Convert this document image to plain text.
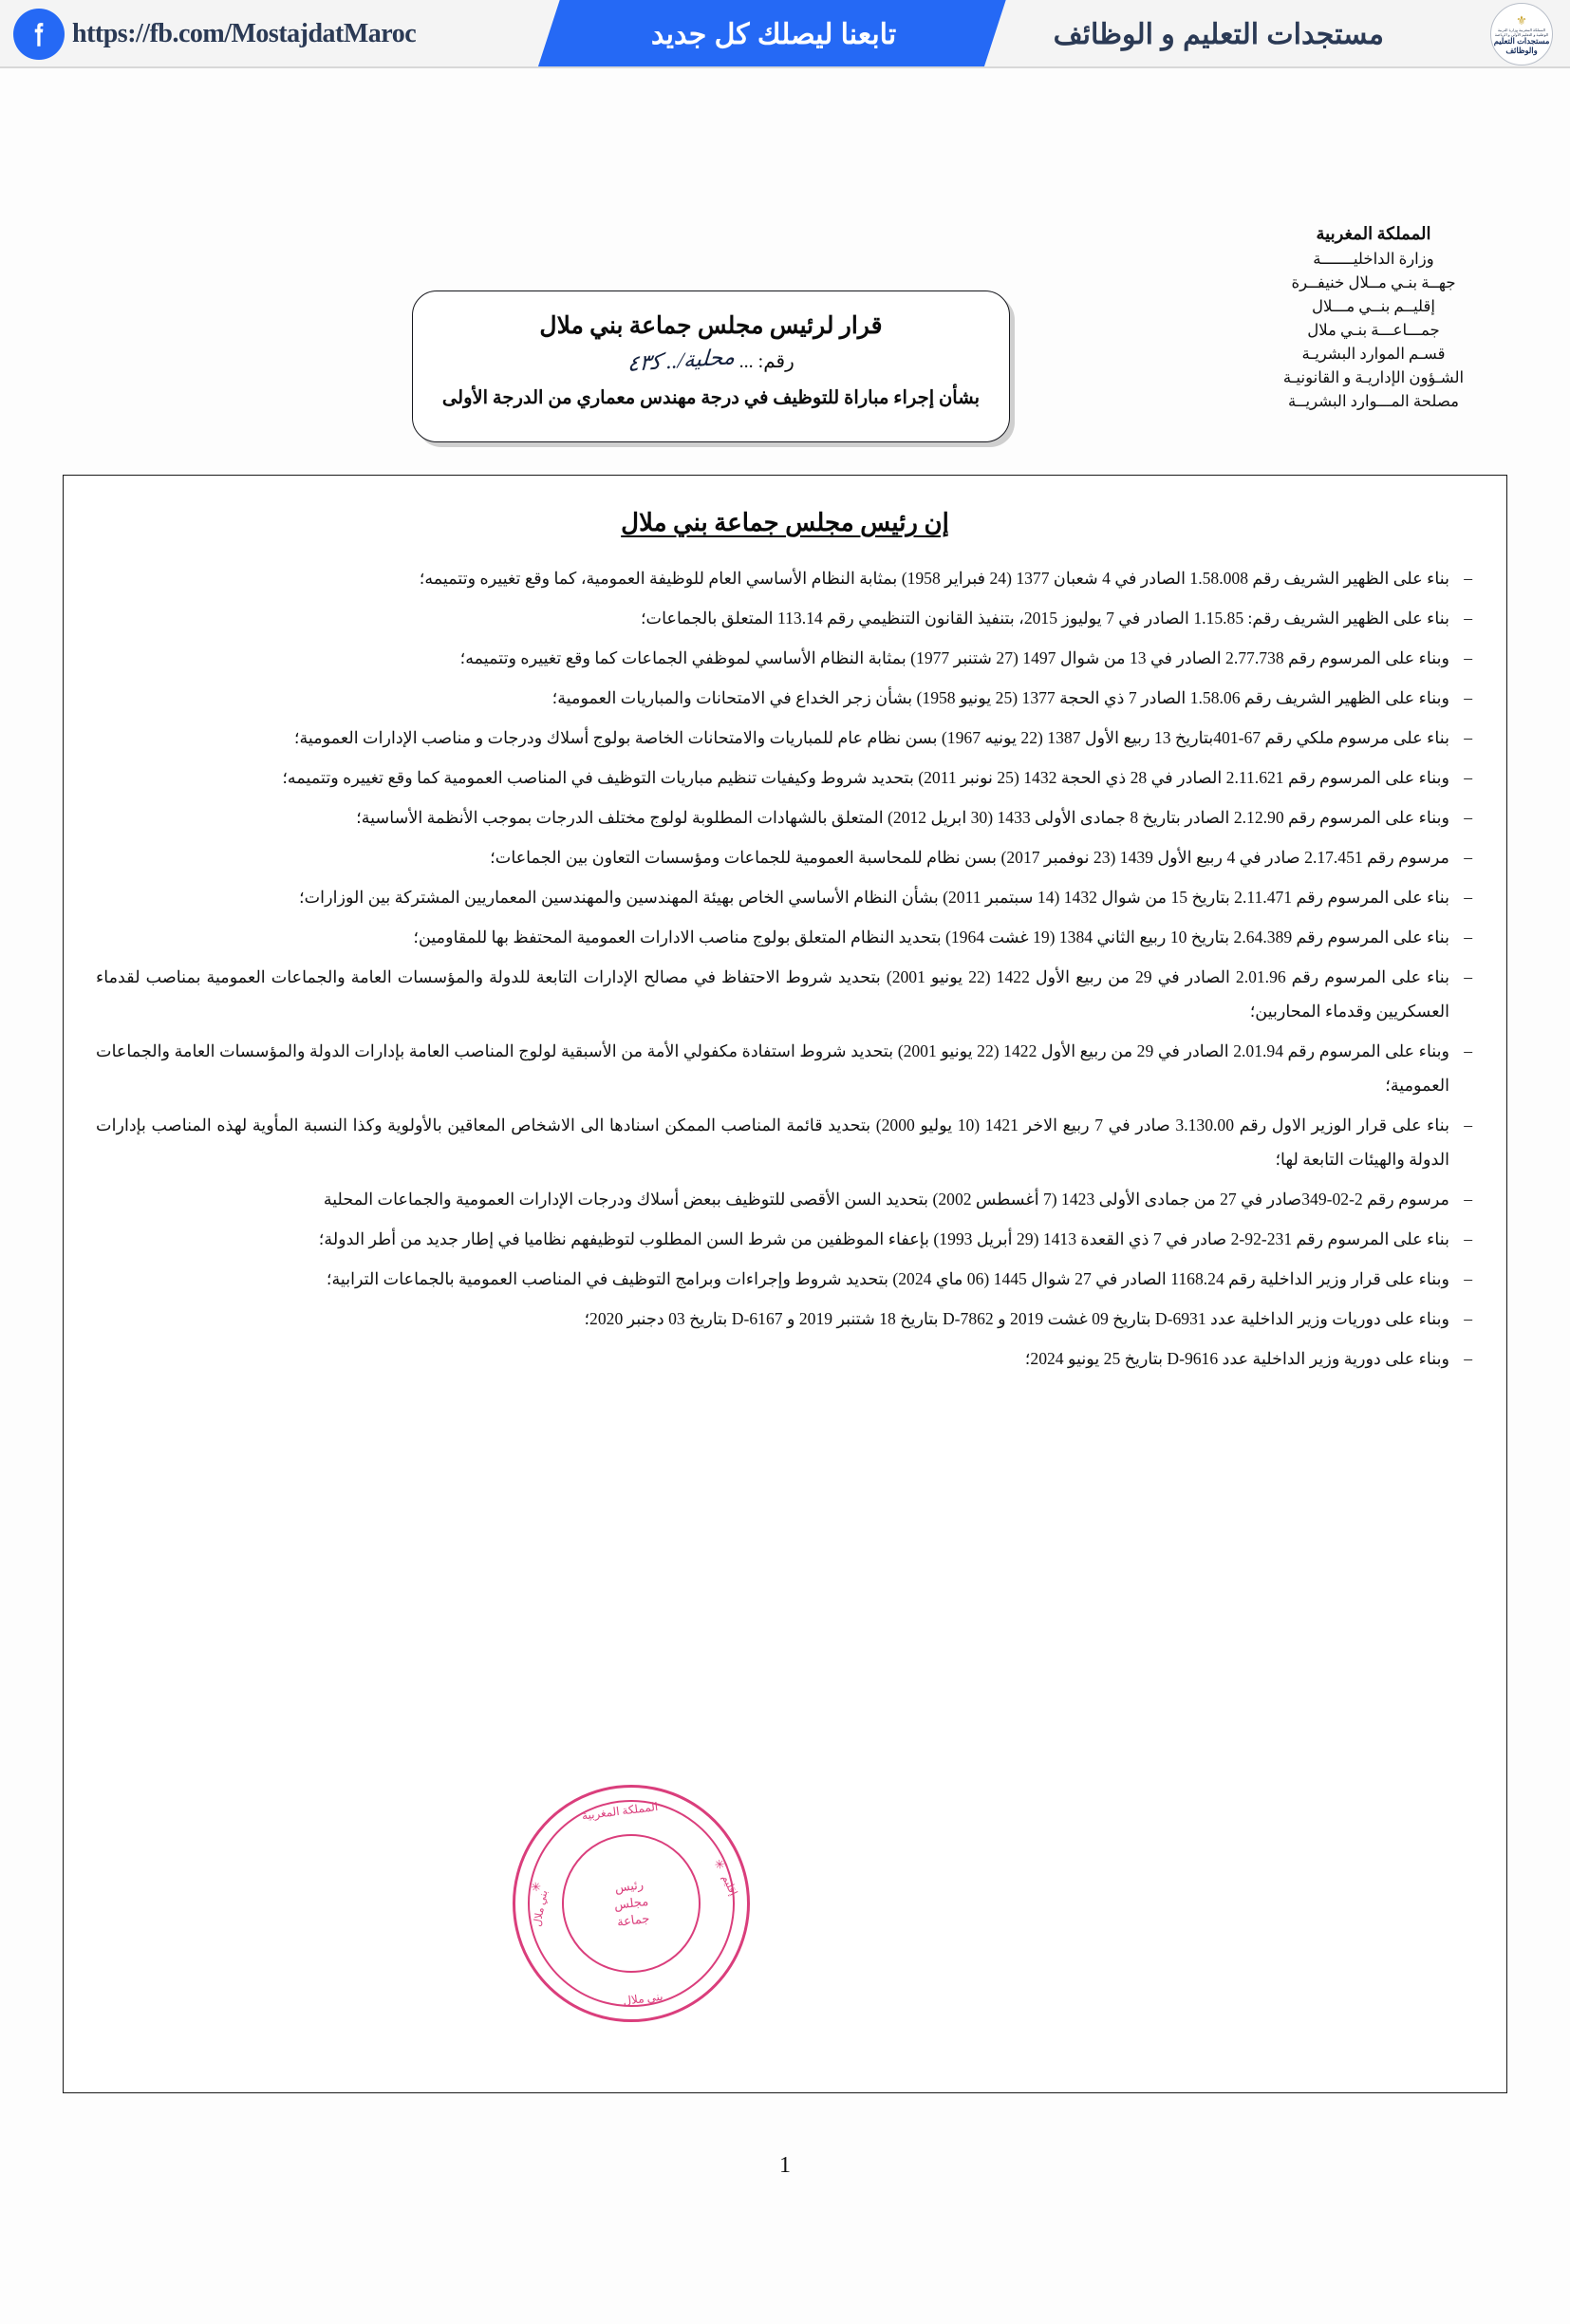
https://fb.com/MostajdatMaroc	تابعنا ليصلك كل جديد	مستجدات التعليم و الوظائف	⚜
المملكة المغربية وزارة التربية الوطنية و التعليم الأولي و الرياضة
مستجدات التعليم
والوظائف
المملكة المغربية
وزارة الداخليـــــــة
جهــة بنـي مــلال خنيفــرة
إقليــم بنــي مـــلال
جمـــاعـــة بنـي ملال
قسـم الموارد البشريـة
الشـؤون الإداريـة و القانونيـة
مصلحة المـــوارد البشريــة
قرار لرئيس مجلس جماعة بني ملال
رقم: ...ﻣﺤﻠﻴﺔ/.. ﻛ٤٣
بشأن إجراء مباراة للتوظيف في درجة مهندس معماري من الدرجة الأولى
إن رئيس مجلس جماعة بني ملال
– بناء على الظهير الشريف رقم 1.58.008 الصادر في 4 شعبان 1377 (24 فبراير 1958) بمثابة النظام الأساسي العام للوظيفة العمومية، كما وقع تغييره وتتميمه؛
– بناء على الظهير الشريف رقم: 1.15.85 الصادر في 7 يوليوز 2015، بتنفيذ القانون التنظيمي رقم 113.14 المتعلق بالجماعات؛
– وبناء على المرسوم رقم 2.77.738 الصادر في 13 من شوال 1497 (27 شتنبر 1977) بمثابة النظام الأساسي لموظفي الجماعات كما وقع تغييره وتتميمه؛
– وبناء على الظهير الشريف رقم 1.58.06 الصادر 7 ذي الحجة 1377 (25 يونيو 1958) بشأن زجر الخداع في الامتحانات والمباريات العمومية؛
– بناء على مرسوم ملكي رقم 67-401بتاريخ 13 ربيع الأول 1387 (22 يونيه 1967) بسن نظام عام للمباريات والامتحانات الخاصة بولوج أسلاك ودرجات و مناصب الإدارات العمومية؛
– وبناء على المرسوم رقم 2.11.621 الصادر في 28 ذي الحجة 1432 (25 نونبر 2011) بتحديد شروط وكيفيات تنظيم مباريات التوظيف في المناصب العمومية كما وقع تغييره وتتميمه؛
– وبناء على المرسوم رقم 2.12.90 الصادر بتاريخ 8 جمادى الأولى 1433 (30 ابريل 2012) المتعلق بالشهادات المطلوبة لولوج مختلف الدرجات بموجب الأنظمة الأساسية؛
– مرسوم رقم 2.17.451 صادر في 4 ربيع الأول 1439 (23 نوفمبر 2017) بسن نظام للمحاسبة العمومية للجماعات ومؤسسات التعاون بين الجماعات؛
– بناء على المرسوم رقم 2.11.471 بتاريخ 15 من شوال 1432 (14 سبتمبر 2011) بشأن النظام الأساسي الخاص بهيئة المهندسين والمهندسين المعماريين المشتركة بين الوزارات؛
– بناء على المرسوم رقم 2.64.389 بتاريخ 10 ربيع الثاني 1384 (19 غشت 1964) بتحديد النظام المتعلق بولوج مناصب الادارات العمومية المحتفظ بها للمقاومين؛
– بناء على المرسوم رقم 2.01.96 الصادر في 29 من ربيع الأول 1422 (22 يونيو 2001) بتحديد شروط الاحتفاظ في مصالح الإدارات التابعة للدولة والمؤسسات العامة والجماعات العمومية بمناصب لقدماء العسكريين وقدماء المحاربين؛
– وبناء على المرسوم رقم 2.01.94 الصادر في 29 من ربيع الأول 1422 (22 يونيو 2001) بتحديد شروط استفادة مكفولي الأمة من الأسبقية لولوج المناصب العامة بإدارات الدولة والمؤسسات العامة والجماعات العمومية؛
– بناء على قرار الوزير الاول رقم 3.130.00 صادر في 7 ربيع الاخر 1421 (10 يوليو 2000) بتحديد قائمة المناصب الممكن اسنادها الى الاشخاص المعاقين بالأولوية وكذا النسبة المأوية لهذه المناصب بإدارات الدولة والهيئات التابعة لها؛
– مرسوم رقم 2-02-349صادر في 27 من جمادى الأولى 1423 (7 أغسطس 2002) بتحديد السن الأقصى للتوظيف ببعض أسلاك ودرجات الإدارات العمومية والجماعات المحلية
– بناء على المرسوم رقم 231-92-2 صادر في 7 ذي القعدة 1413 (29 أبريل 1993) بإعفاء الموظفين من شرط السن المطلوب لتوظيفهم نظاميا في إطار جديد من أطر الدولة؛
– وبناء على قرار وزير الداخلية رقم 1168.24 الصادر في 27 شوال 1445 (06 ماي 2024) بتحديد شروط وإجراءات وبرامج التوظيف في المناصب العمومية بالجماعات الترابية؛
– وبناء على دوريات وزير الداخلية عدد D-6931 بتاريخ 09 غشت 2019 و D-7862 بتاريخ 18 شتنبر 2019 و D-6167 بتاريخ 03 دجنبر 2020؛
– وبناء على دورية وزير الداخلية عدد D-9616 بتاريخ 25 يونيو 2024؛
المملكة المغربية
بني ملال
إقليم
بني ملال
✳
✳
رئيس
مجلس
جماعة
1
